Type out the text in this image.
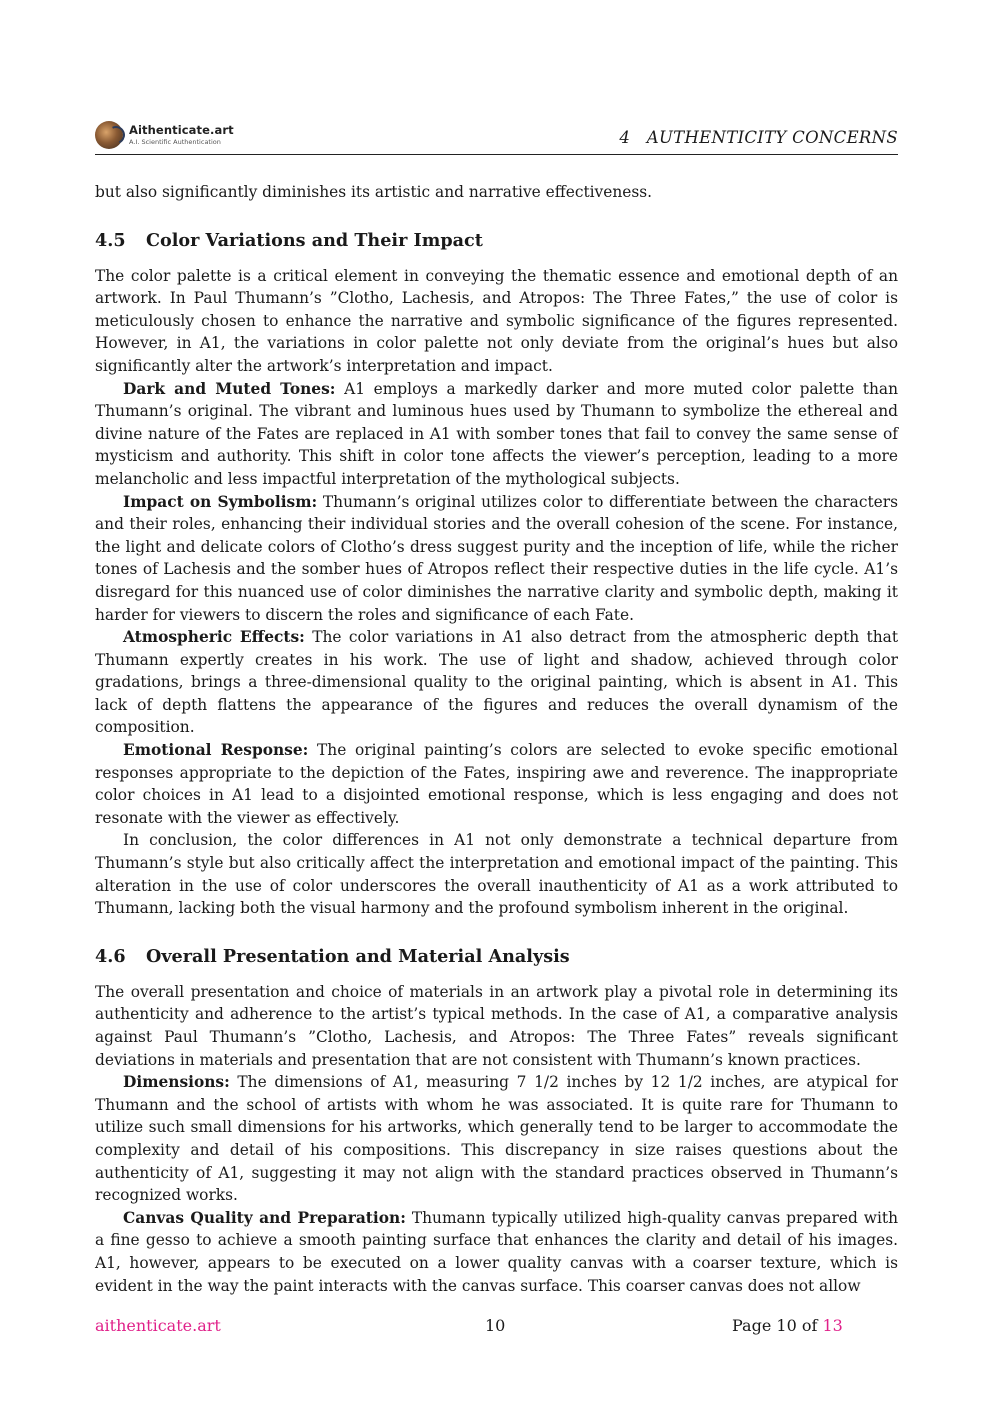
Aithenticate.art
A.I. Scientific Authentication	4   AUTHENTICITY CONCERNS

but also significantly diminishes its artistic and narrative effectiveness.

4.5 Color Variations and Their Impact

The color palette is a critical element in conveying the thematic essence and emotional depth of an artwork. In Paul Thumann’s ”Clotho, Lachesis, and Atropos: The Three Fates,” the use of color is meticulously chosen to enhance the narrative and symbolic significance of the figures represented. However, in A1, the variations in color palette not only deviate from the original’s hues but also significantly alter the artwork’s interpretation and impact.

Dark and Muted Tones: A1 employs a markedly darker and more muted color palette than Thumann’s original. The vibrant and luminous hues used by Thumann to symbolize the ethereal and divine nature of the Fates are replaced in A1 with somber tones that fail to convey the same sense of mysticism and authority. This shift in color tone affects the viewer’s perception, leading to a more melancholic and less impactful interpretation of the mythological subjects.

Impact on Symbolism: Thumann’s original utilizes color to differentiate between the characters and their roles, enhancing their individual stories and the overall cohesion of the scene. For instance, the light and delicate colors of Clotho’s dress suggest purity and the inception of life, while the richer tones of Lachesis and the somber hues of Atropos reflect their respective duties in the life cycle. A1’s disregard for this nuanced use of color diminishes the narrative clarity and symbolic depth, making it harder for viewers to discern the roles and significance of each Fate.

Atmospheric Effects: The color variations in A1 also detract from the atmospheric depth that Thumann expertly creates in his work. The use of light and shadow, achieved through color gradations, brings a three-dimensional quality to the original painting, which is absent in A1. This lack of depth flattens the appearance of the figures and reduces the overall dynamism of the composition.

Emotional Response: The original painting’s colors are selected to evoke specific emotional responses appropriate to the depiction of the Fates, inspiring awe and reverence. The inappropriate color choices in A1 lead to a disjointed emotional response, which is less engaging and does not resonate with the viewer as effectively.

In conclusion, the color differences in A1 not only demonstrate a technical departure from Thumann’s style but also critically affect the interpretation and emotional impact of the painting. This alteration in the use of color underscores the overall inauthenticity of A1 as a work attributed to Thumann, lacking both the visual harmony and the profound symbolism inherent in the original.

4.6 Overall Presentation and Material Analysis

The overall presentation and choice of materials in an artwork play a pivotal role in determining its authenticity and adherence to the artist’s typical methods. In the case of A1, a comparative analysis against Paul Thumann’s ”Clotho, Lachesis, and Atropos: The Three Fates” reveals significant deviations in materials and presentation that are not consistent with Thumann’s known practices.

Dimensions: The dimensions of A1, measuring 7 1/2 inches by 12 1/2 inches, are atypical for Thumann and the school of artists with whom he was associated. It is quite rare for Thumann to utilize such small dimensions for his artworks, which generally tend to be larger to accommodate the complexity and detail of his compositions. This discrepancy in size raises questions about the authenticity of A1, suggesting it may not align with the standard practices observed in Thumann’s recognized works.

Canvas Quality and Preparation: Thumann typically utilized high-quality canvas prepared with a fine gesso to achieve a smooth painting surface that enhances the clarity and detail of his images. A1, however, appears to be executed on a lower quality canvas with a coarser texture, which is evident in the way the paint interacts with the canvas surface. This coarser canvas does not allow

aithenticate.art	10	Page 10 of 13
